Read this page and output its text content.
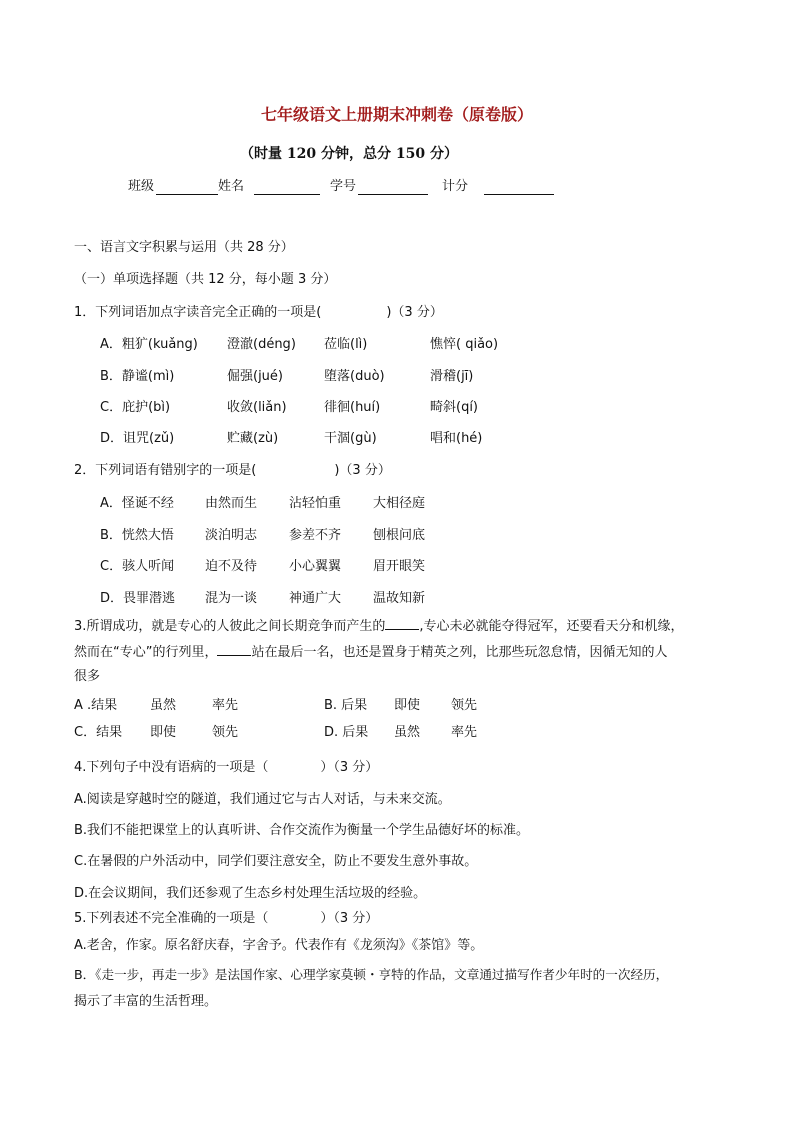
七年级语文上册期末冲刺卷（原卷版）
（时量 120 分钟，总分 150 分）
班级	姓名	学号	计分
一、语言文字积累与运用（共 28 分）
（一）单项选择题（共 12 分，每小题 3 分）
1．下列词语加点字读音完全正确的一项是(　　　　　)（3 分）
A．粗犷(kuǎng) 澄澈(déng) 莅临(lì)	憔悴( qiǎo)
B．静谧(mì)	倔强(jué)	堕落(duò)	滑稽(jī)
C．庇护(bì)	收敛(liǎn)	徘徊(huí)	畸斜(qí)
D．诅咒(zǔ)	贮藏(zù)	干涸(gù)	唱和(hé)
2．下列词语有错别字的一项是(　　　　　　)（3 分）
A．怪诞不经 由然而生 沾轻怕重 大相径庭
B．恍然大悟 淡泊明志 参差不齐 刨根问底
C．骇人听闻 迫不及待 小心翼翼 眉开眼笑
D．畏罪潜逃 混为一谈 神通广大 温故知新
3.所谓成功，就是专心的人彼此之间长期竞争而产生的	,专心未必就能夺得冠军，还要看天分和机缘，
然而在“专心”的行列里，	站在最后一名，也还是置身于精英之列，比那些玩忽怠情，因循无知的人
很多
A .结果	虽然	率先	B. 后果 即使 领先
C．结果 即使	领先	D. 后果 虽然 率先
4.下列句子中没有语病的一项是（　　　　）（3 分）
A.阅读是穿越时空的隧道，我们通过它与古人对话，与未来交流。
B.我们不能把课堂上的认真听讲、合作交流作为衡量一个学生品德好坏的标准。
C.在暑假的户外活动中，同学们要注意安全，防止不要发生意外事故。
D.在会议期间，我们还参观了生态乡村处理生活垃圾的经验。
5.下列表述不完全准确的一项是（　　　　）（3 分）
A.老舍，作家。原名舒庆春，字舍予。代表作有《龙须沟》《茶馆》等。
B．《走一步，再走一步》是法国作家、心理学家莫顿・亨特的作品，文章通过描写作者少年时的一次经历，
揭示了丰富的生活哲理。
